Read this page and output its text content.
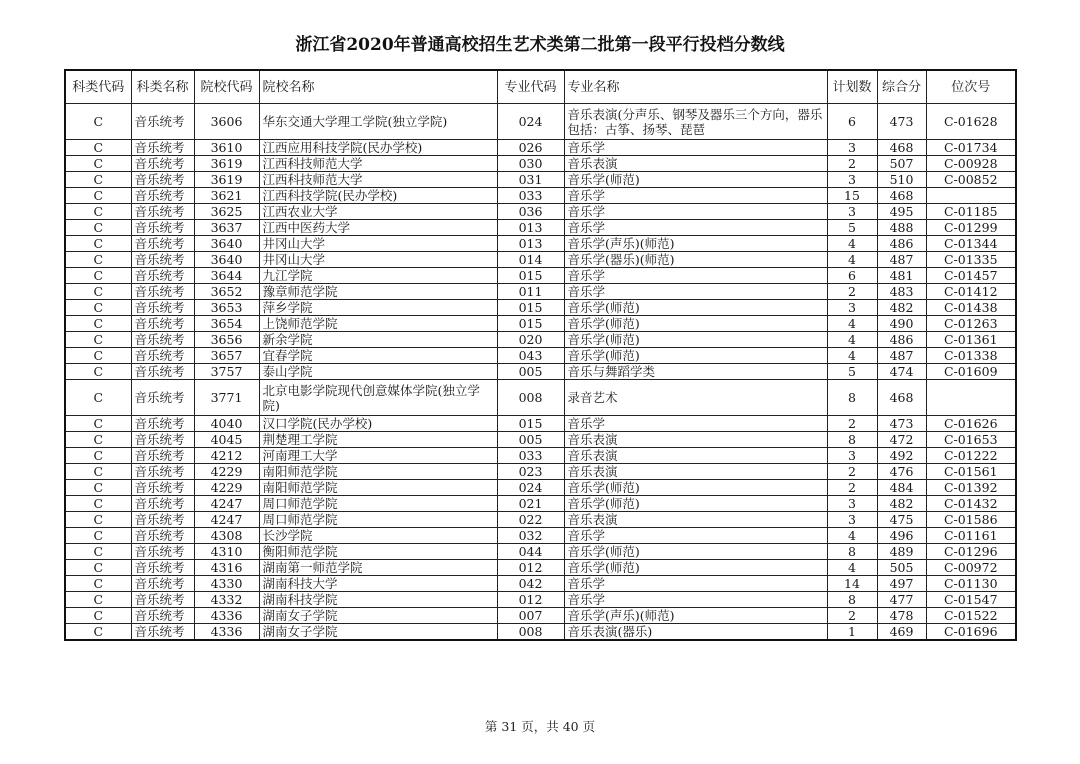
浙江省2020年普通高校招生艺术类第二批第一段平行投档分数线
科类代码	科类名称	院校代码	院校名称	专业代码	专业名称	计划数	综合分	位次号
C	音乐统考	3606	华东交通大学理工学院(独立学院)	024	音乐表演(分声乐、钢琴及器乐三个方向，器乐包括：古筝、扬琴、琵琶	6	473	C-01628
C	音乐统考	3610	江西应用科技学院(民办学校)	026	音乐学	3	468	C-01734
C	音乐统考	3619	江西科技师范大学	030	音乐表演	2	507	C-00928
C	音乐统考	3619	江西科技师范大学	031	音乐学(师范)	3	510	C-00852
C	音乐统考	3621	江西科技学院(民办学校)	033	音乐学	15	468	
C	音乐统考	3625	江西农业大学	036	音乐学	3	495	C-01185
C	音乐统考	3637	江西中医药大学	013	音乐学	5	488	C-01299
C	音乐统考	3640	井冈山大学	013	音乐学(声乐)(师范)	4	486	C-01344
C	音乐统考	3640	井冈山大学	014	音乐学(器乐)(师范)	4	487	C-01335
C	音乐统考	3644	九江学院	015	音乐学	6	481	C-01457
C	音乐统考	3652	豫章师范学院	011	音乐学	2	483	C-01412
C	音乐统考	3653	萍乡学院	015	音乐学(师范)	3	482	C-01438
C	音乐统考	3654	上饶师范学院	015	音乐学(师范)	4	490	C-01263
C	音乐统考	3656	新余学院	020	音乐学(师范)	4	486	C-01361
C	音乐统考	3657	宜春学院	043	音乐学(师范)	4	487	C-01338
C	音乐统考	3757	泰山学院	005	音乐与舞蹈学类	5	474	C-01609
C	音乐统考	3771	北京电影学院现代创意媒体学院(独立学院)	008	录音艺术	8	468	
C	音乐统考	4040	汉口学院(民办学校)	015	音乐学	2	473	C-01626
C	音乐统考	4045	荆楚理工学院	005	音乐表演	8	472	C-01653
C	音乐统考	4212	河南理工大学	033	音乐表演	3	492	C-01222
C	音乐统考	4229	南阳师范学院	023	音乐表演	2	476	C-01561
C	音乐统考	4229	南阳师范学院	024	音乐学(师范)	2	484	C-01392
C	音乐统考	4247	周口师范学院	021	音乐学(师范)	3	482	C-01432
C	音乐统考	4247	周口师范学院	022	音乐表演	3	475	C-01586
C	音乐统考	4308	长沙学院	032	音乐学	4	496	C-01161
C	音乐统考	4310	衡阳师范学院	044	音乐学(师范)	8	489	C-01296
C	音乐统考	4316	湖南第一师范学院	012	音乐学(师范)	4	505	C-00972
C	音乐统考	4330	湖南科技大学	042	音乐学	14	497	C-01130
C	音乐统考	4332	湖南科技学院	012	音乐学	8	477	C-01547
C	音乐统考	4336	湖南女子学院	007	音乐学(声乐)(师范)	2	478	C-01522
C	音乐统考	4336	湖南女子学院	008	音乐表演(器乐)	1	469	C-01696
第 31 页，共 40 页
